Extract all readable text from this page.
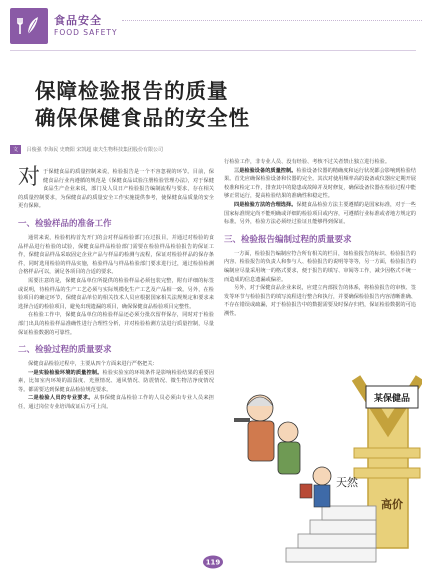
食品安全
FOOD SAFETY
保障检验报告的质量
确保保健食品的安全性
文 吕俊强 李海民 史晓阳 宋凯超 康夫生物科技集团股份有限公司

对于保健食品的质量控制来说，检验报告是一个不容忽视的环节。目前，保健食品行业内遵循的规范是《保健食品试验注册检验管理办法》，对于保健食品生产企业来说，部门及人员日产检验报告编制流程与要求，存在相关的质量控制要求，为保健食品的质量安全工作实施提供参考，使保健食品质量的安全更有保障。

一、检验样品的准备工作

通常来说，检验机构首先开门的会对样品检验部门在过报目，并通过对检验的食品样品进行检验的试验，保健食品样品检验部门需要在检验样品检验报告的保证工作，保健食品样品采取固定企业产品与样品的检测与流程，保证对检验样品的保存条件，同时选用检验的样品实施，检验样品与样品检验部门要求进行过，通过检验检测合格样品可以，满足各项目的合适的要求。

需要注意的是，保健食品单位所提供的检验样品必须包装完整，附有详细的标签或说明，待检样品的生产工艺必须与实际规模化生产工艺及产品相一致。另外，在检验项目的确定环节，保健食品单位的相关技术人员应根据国家相关法规规定和要求来选择合适的检验项目，避免出现遗漏的项目，确保保健食品检验项目完整性。

在检验工作中，保健食品单位的检验样品还必须分批次留样保存，同时对于检验部门出具的检验样品准确性进行合理性分析，并对检验检测方法进行质量控制，尽量保证检验数据的可靠性。

二、检验过程的质量要求

保健食品检验过程中，主要从四个方面来进行严格把关：

一是实验检验环境的质量控制。检验实验室的环境条件是影响检验结果的重要因素，比如室内环境的温湿度、光照情况、通风情况、防震情况、微生物洁净度情况等。都需要达到保健食品检验规范要求。

二是检验人员的专业要求。从事保健食品检验工作的人员必须由专业人员来担任，通过岗位专业培训或证后方可上岗。

行检验工作，非专业人员、没有经验、考核不过关者禁止独立进行检验。

三是检验设备的质量控制。检验设备仪器的精确度和运行状况都会影响到检验结果。首先应确保检验设备和仪器的完全。其次对使用频率高的设备或仪器应定期开展校准和检定工作，排查其中的隐患或故障并及时修复，确保设备仪器在检验过程中能够正常运行，提高检验结果的准确性和稳定性。

四是检验方法的合理选择。保健食品检验方法主要遵循的是国家标准，对于一些国家标准规定尚不能明确或详细的检验项目或内容，可遵循行业标准或者地方规定的标准。另外，检验方法必须经过验证且能够得到保证。

三、检验报告编制过程的质量要求

一方面，检验报告编制应符合所有相关的栏目，如检验报告的标识、检验报告的内容、检验报告的负责人和参与人、检验报告的说明等等等，另一方面，检验报告的编制应尽量采用统一的格式要求，便于报告的填写、审阅等工作，减少因格式不统一而造成的信息遗漏或偏差。

另外，对于保健食品企业来说，应建立内部报告的体系，将检验报告的审核、签发等环节与检验报告的填写流程进行整合和执行，并要确保检验报告内容清晰准确、不存在错误或疏漏，对于检验报告中的数据需要及时保存归档，保证检验数据的可追溯性。

某保健品
高价
天然
119
